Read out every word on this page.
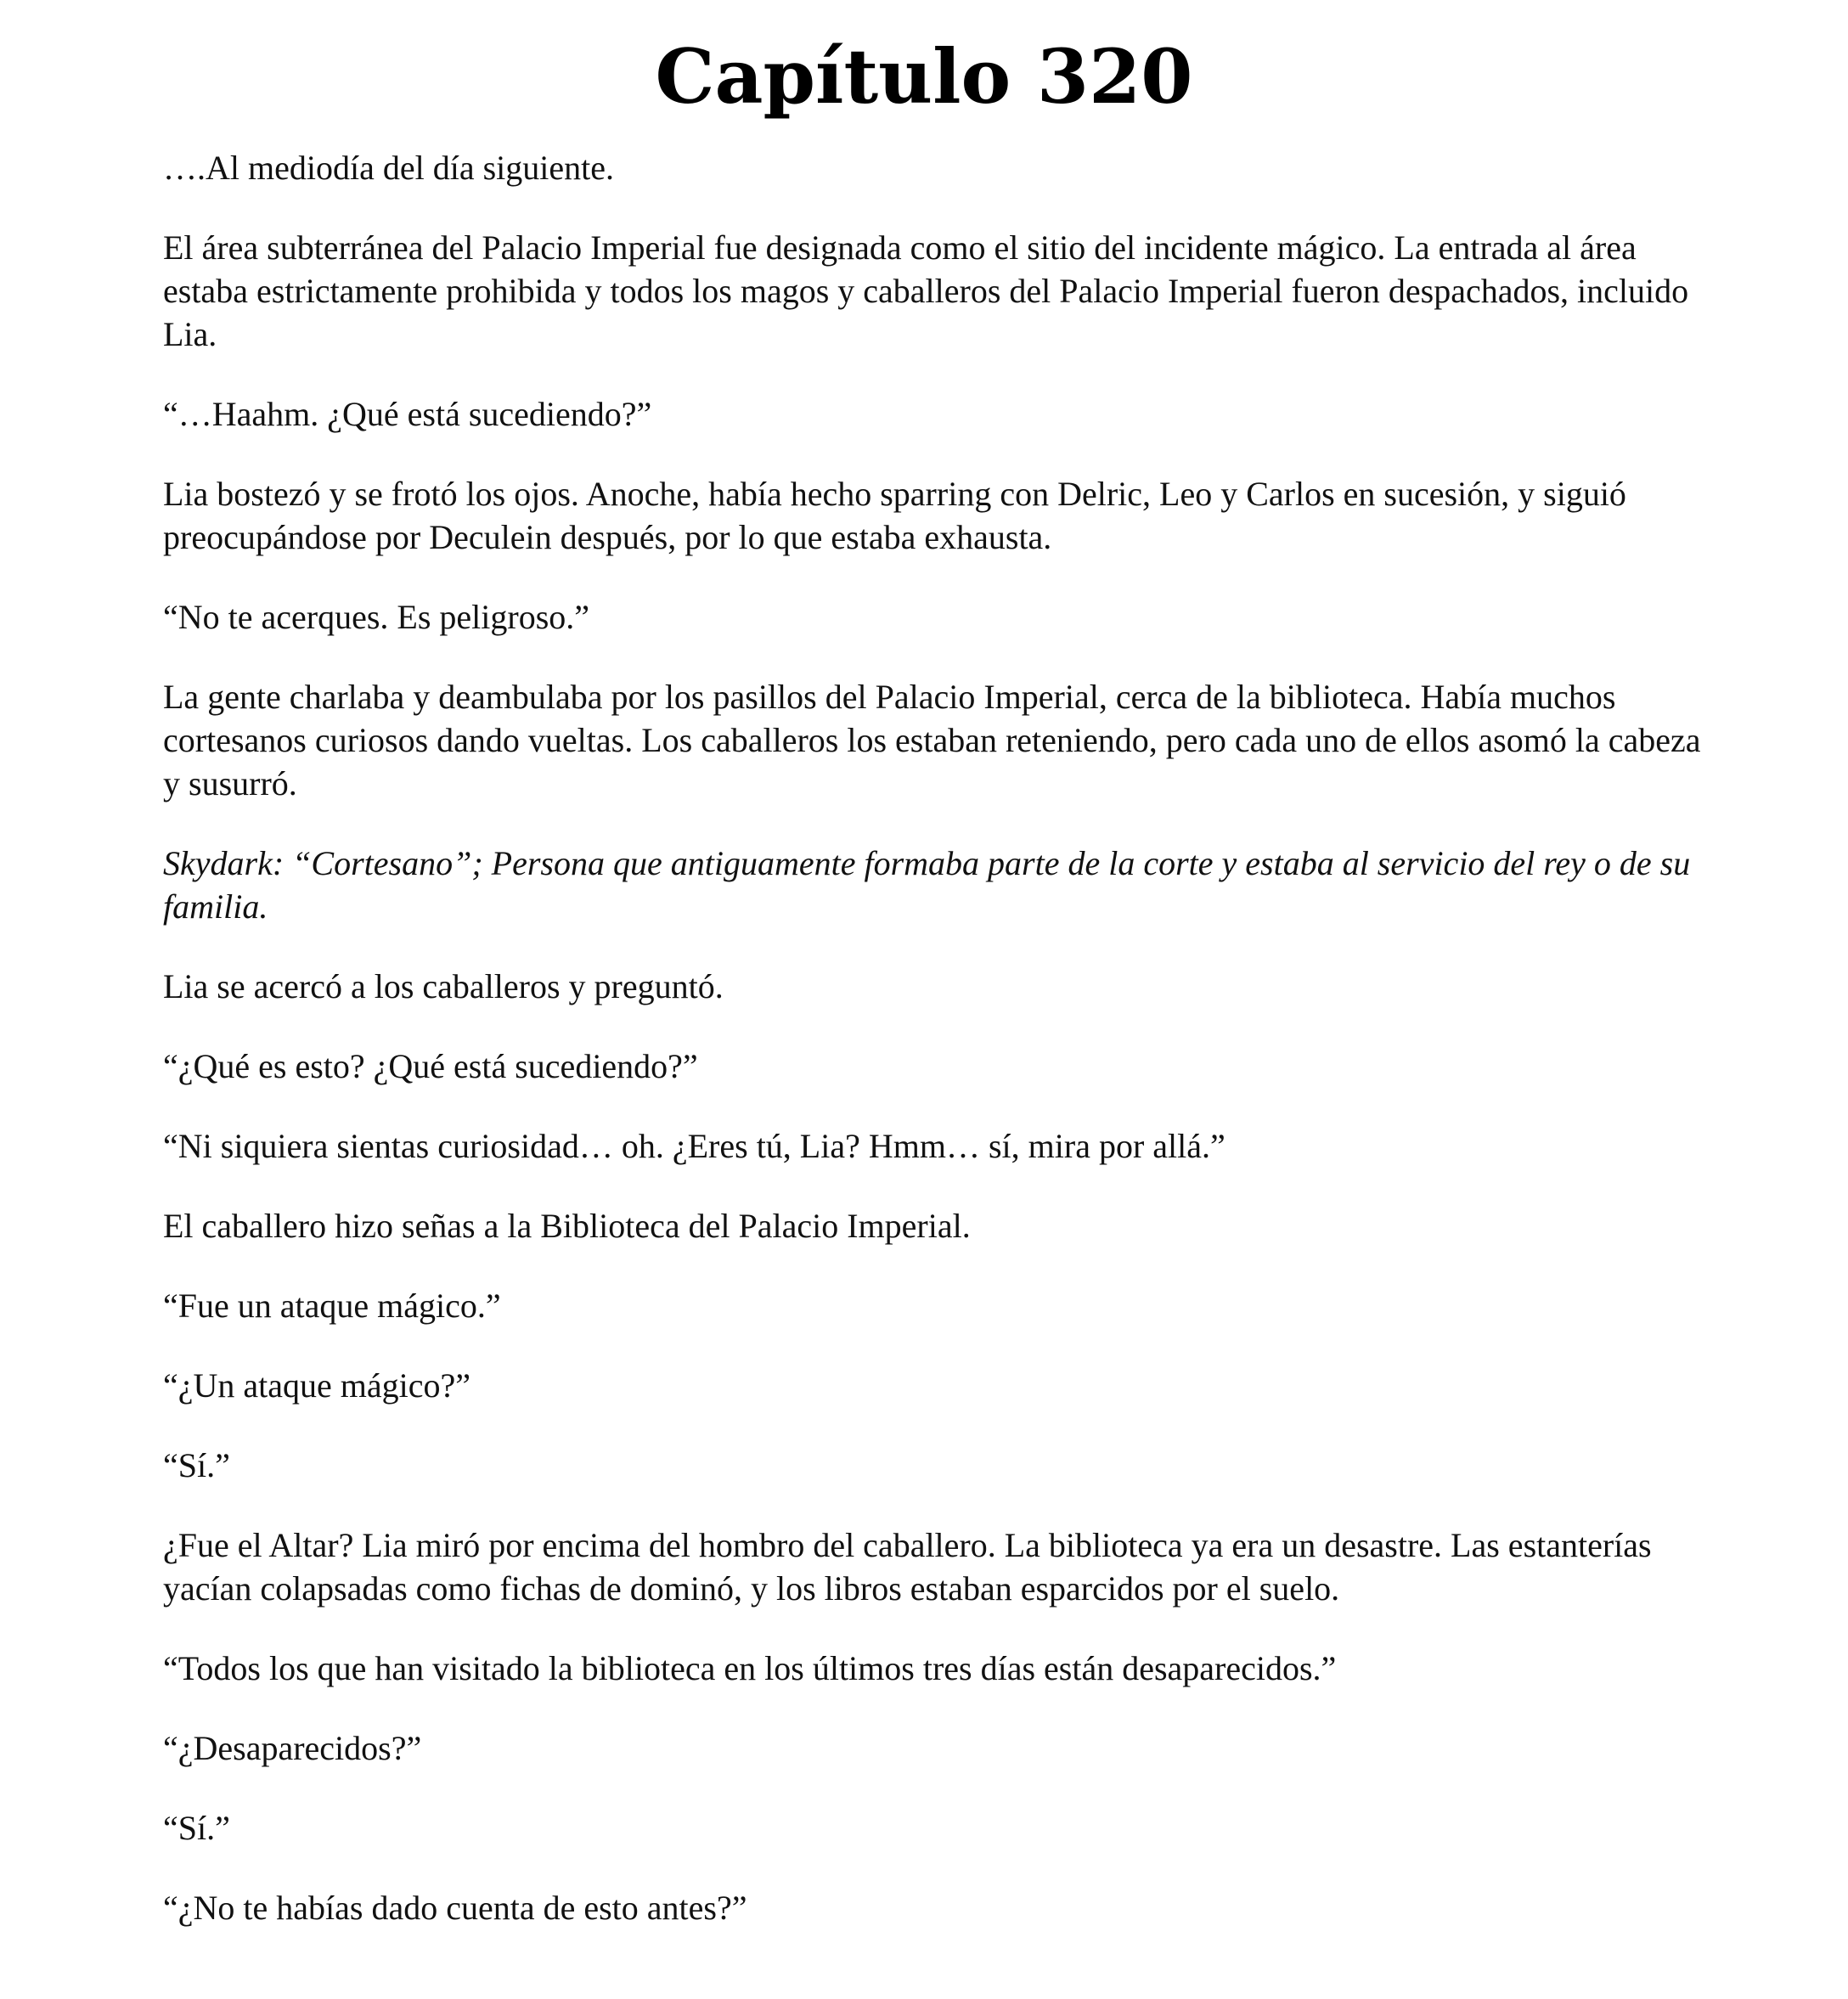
Capítulo 320

….Al mediodía del día siguiente.

El área subterránea del Palacio Imperial fue designada como el sitio del incidente mágico. La entrada al área estaba estrictamente prohibida y todos los magos y caballeros del Palacio Imperial fueron despachados, incluido Lia.

“…Haahm. ¿Qué está sucediendo?”

Lia bostezó y se frotó los ojos. Anoche, había hecho sparring con Delric, Leo y Carlos en sucesión, y siguió preocupándose por Deculein después, por lo que estaba exhausta.

“No te acerques. Es peligroso.”

La gente charlaba y deambulaba por los pasillos del Palacio Imperial, cerca de la biblioteca. Había muchos cortesanos curiosos dando vueltas. Los caballeros los estaban reteniendo, pero cada uno de ellos asomó la cabeza y susurró.

Skydark: “Cortesano”; Persona que antiguamente formaba parte de la corte y estaba al servicio del rey o de su familia.

Lia se acercó a los caballeros y preguntó.

“¿Qué es esto? ¿Qué está sucediendo?”

“Ni siquiera sientas curiosidad… oh. ¿Eres tú, Lia? Hmm… sí, mira por allá.”

El caballero hizo señas a la Biblioteca del Palacio Imperial.

“Fue un ataque mágico.”

“¿Un ataque mágico?”

“Sí.”

¿Fue el Altar? Lia miró por encima del hombro del caballero. La biblioteca ya era un desastre. Las estanterías yacían colapsadas como fichas de dominó, y los libros estaban esparcidos por el suelo.

“Todos los que han visitado la biblioteca en los últimos tres días están desaparecidos.”

“¿Desaparecidos?”

“Sí.”

“¿No te habías dado cuenta de esto antes?”
